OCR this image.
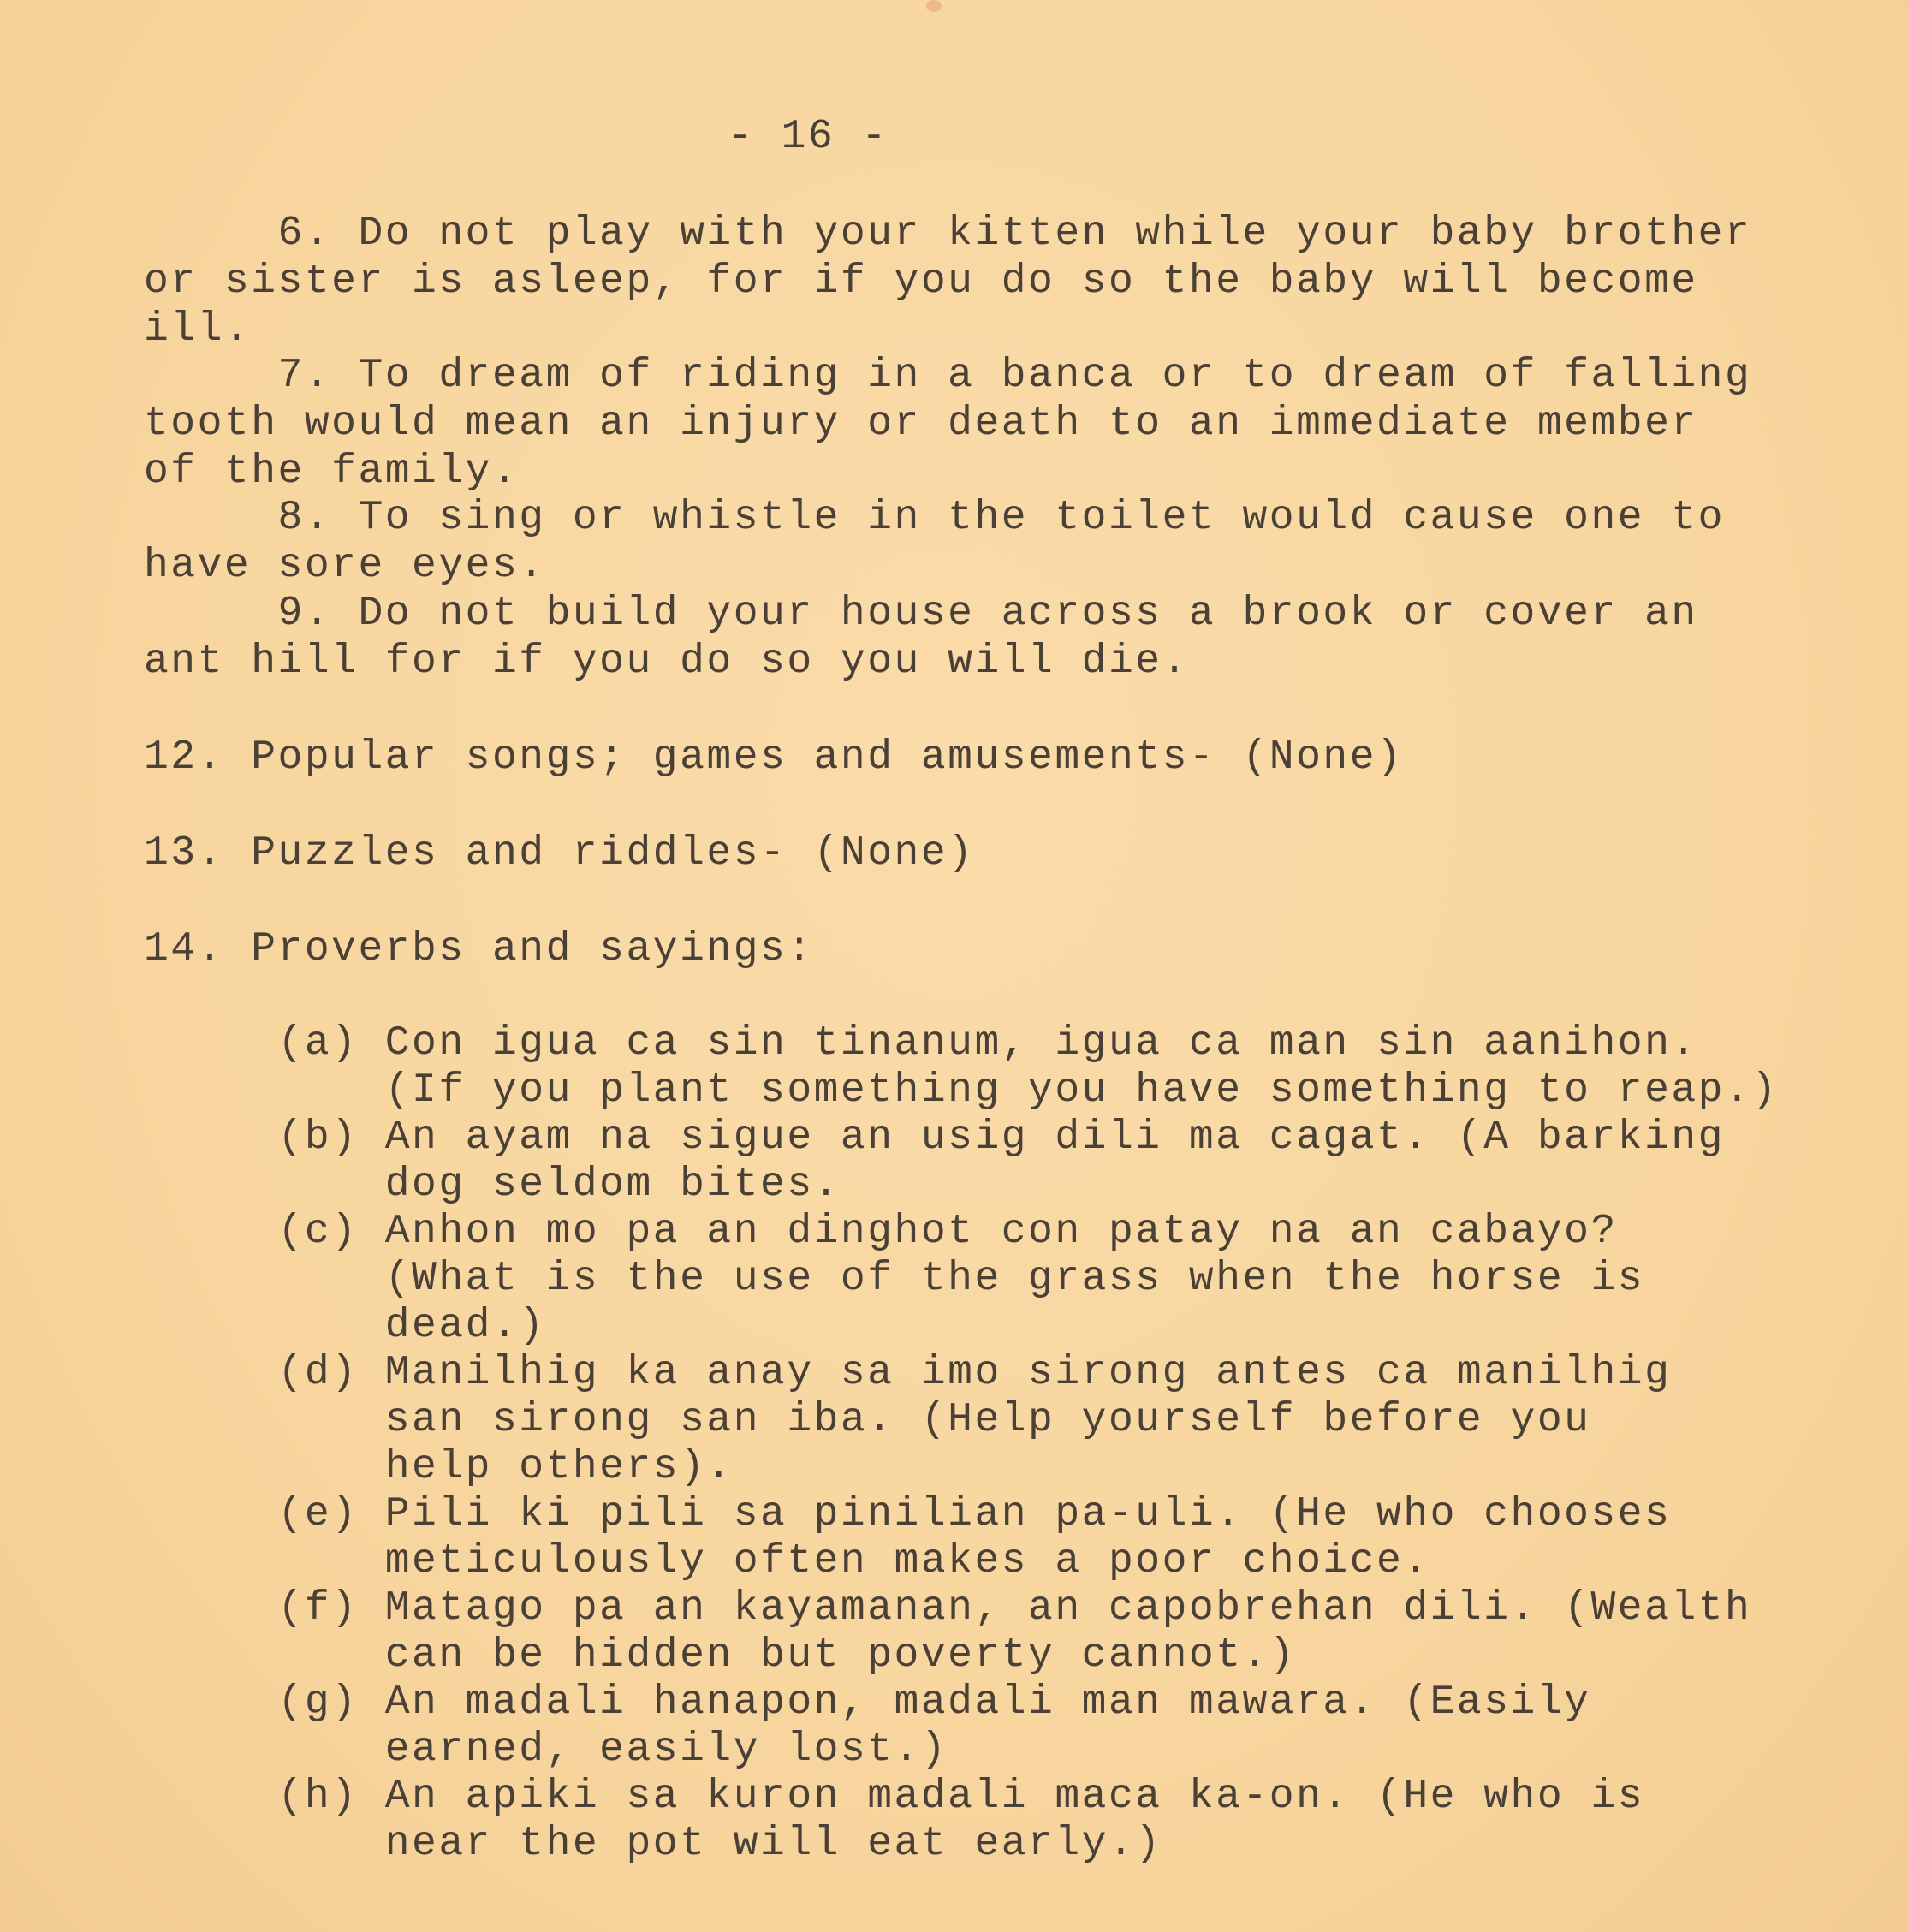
- 16 -
6. Do not play with your kitten while your baby brother
or sister is asleep, for if you do so the baby will become
ill.
7. To dream of riding in a banca or to dream of falling
tooth would mean an injury or death to an immediate member
of the family.
8. To sing or whistle in the toilet would cause one to
have sore eyes.
9. Do not build your house across a brook or cover an
ant hill for if you do so you will die.
12. Popular songs; games and amusements- (None)
13. Puzzles and riddles- (None)
14. Proverbs and sayings:
(a) Con igua ca sin tinanum, igua ca man sin aanihon.
(If you plant something you have something to reap.)
(b) An ayam na sigue an usig dili ma cagat. (A barking
dog seldom bites.
(c) Anhon mo pa an dinghot con patay na an cabayo?
(What is the use of the grass when the horse is
dead.)
(d) Manilhig ka anay sa imo sirong antes ca manilhig
san sirong san iba. (Help yourself before you
help others).
(e) Pili ki pili sa pinilian pa-uli. (He who chooses
meticulously often makes a poor choice.
(f) Matago pa an kayamanan, an capobrehan dili. (Wealth
can be hidden but poverty cannot.)
(g) An madali hanapon, madali man mawara. (Easily
earned, easily lost.)
(h) An apiki sa kuron madali maca ka-on. (He who is
near the pot will eat early.)
